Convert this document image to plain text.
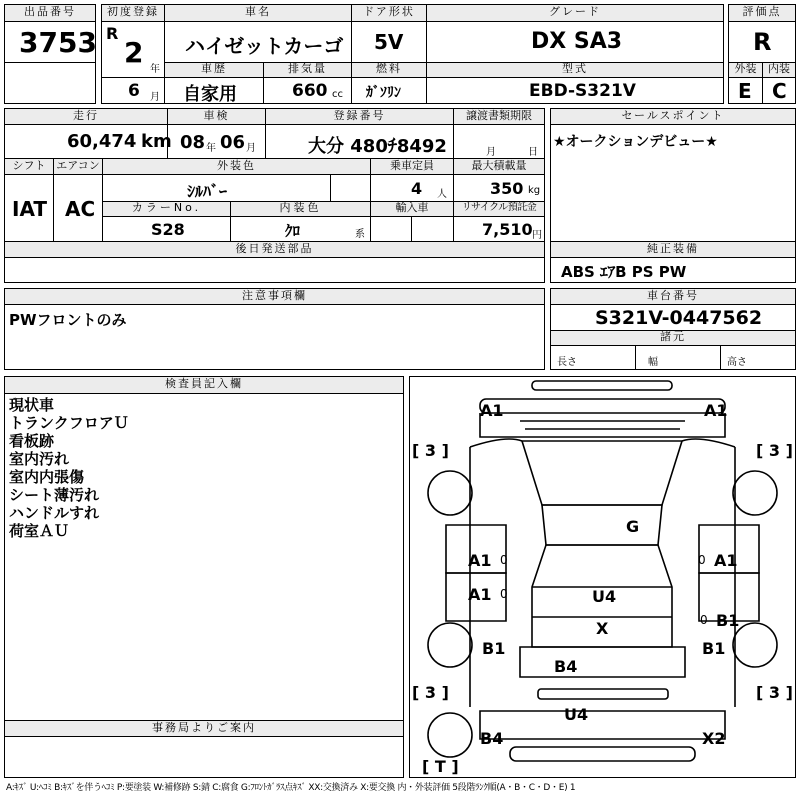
出品番号
3753
初度登録
R
2
年
6 月
車名
ハイゼットカーゴ
ドア形状
5V
グレード
DX SA3
評価点
R
車歴
自家用
排気量
660 cc
燃料
ｶﾞｿﾘﾝ
型式
EBD-S321V
外装	内装
E C
走行
60,474 km
車検
08 年 06 月
登録番号
大分 480ﾁ8492
譲渡書類期限
月	日
セールスポイント
★オークションデビュー★
シフト
IAT
エアコン
AC
外装色
ｼﾙﾊﾞｰ
乗車定員
4 人
最大積載量
350 kg
カラーNo.
S28
内装色
ｸﾛ	系
輸入車	リサイクル預託金
7,510 円
後日発送部品	純正装備
ABS ｴｱB PS PW
注意事項欄
PWフロントのみ
車台番号
S321V-0447562
諸元
長さ	幅	高さ
検査員記入欄
現状車
トランクフロアＵ
看板跡
室内汚れ
室内内張傷
シート薄汚れ
ハンドルすれ
荷室ＡＵ
事務局よりご案内
A1	A1
[ 3 ]	[ 3 ]
G
A1 0	A1
0
A1 0
B1
0
U4
X
B1	B1
B4
[ 3 ]	[ 3 ]
U4
B4	X2
[ T ]
A:ｷｽﾞ U:ﾍｺﾐ B:ｷｽﾞを伴うﾍｺﾐ P:要塗装 W:補修跡 S:錆 C:腐食 G:ﾌﾛﾝﾄｶﾞﾗｽ点ｷｽﾞ XX:交換済み X:要交換 内・外装評価 5段階ﾗﾝｸ順(A・B・C・D・E) 1
